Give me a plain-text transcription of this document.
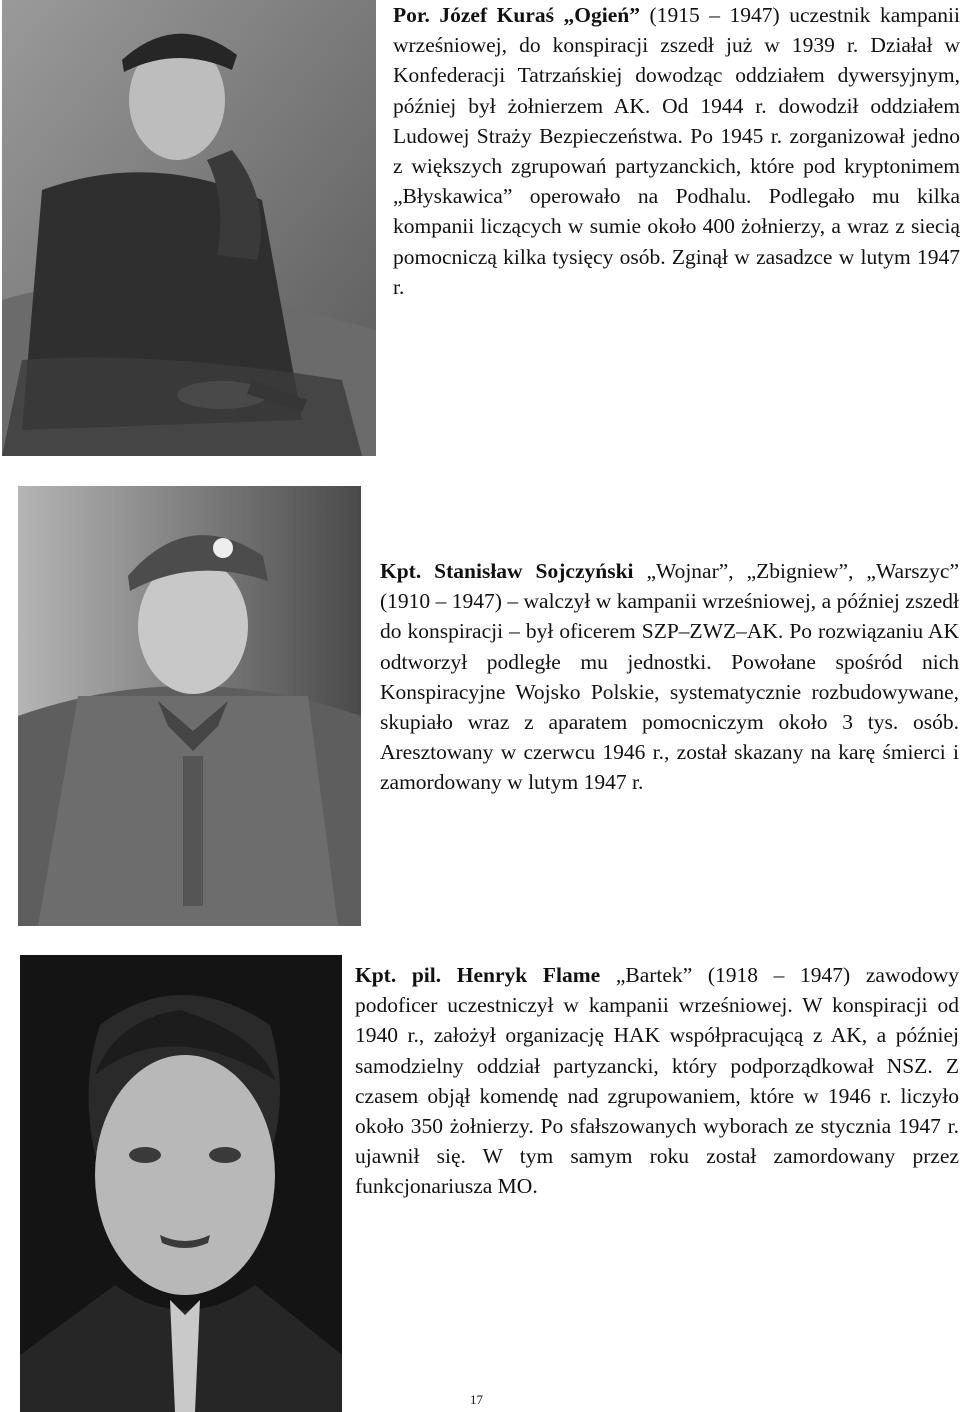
Por. Józef Kuraś „Ogień” (1915 – 1947) uczestnik kampanii wrześniowej, do konspiracji zszedł już w 1939 r. Działał w Konfederacji Tatrzańskiej dowodząc oddziałem dywersyjnym, później był żołnierzem AK. Od 1944 r. dowodził oddziałem Ludowej Straży Bezpieczeństwa. Po 1945 r. zorganizował jedno z większych zgrupowań partyzanckich, które pod kryptonimem „Błyskawica” operowało na Podhalu. Podlegało mu kilka kompanii liczących w sumie około 400 żołnierzy, a wraz z siecią pomocniczą kilka tysięcy osób. Zginął w zasadzce w lutym 1947 r.
Kpt. Stanisław Sojczyński „Wojnar”, „Zbigniew”, „Warszyc” (1910 – 1947) – walczył w kampanii wrześniowej, a później zszedł do konspiracji – był oficerem SZP–ZWZ–AK. Po rozwiązaniu AK odtworzył podległe mu jednostki. Powołane spośród nich Konspiracyjne Wojsko Polskie, systematycznie rozbudowywane, skupiało wraz z aparatem pomocniczym około 3 tys. osób. Aresztowany w czerwcu 1946 r., został skazany na karę śmierci i zamordowany w lutym 1947 r.
Kpt. pil. Henryk Flame „Bartek” (1918 – 1947) zawodowy podoficer uczestniczył w kampanii wrześniowej. W konspiracji od 1940 r., założył organizację HAK współpracującą z AK, a później samodzielny oddział partyzancki, który podporządkował NSZ. Z czasem objął komendę nad zgrupowaniem, które w 1946 r. liczyło około 350 żołnierzy. Po sfałszowanych wyborach ze stycznia 1947 r. ujawnił się. W tym samym roku został zamordowany przez funkcjonariusza MO.
17
